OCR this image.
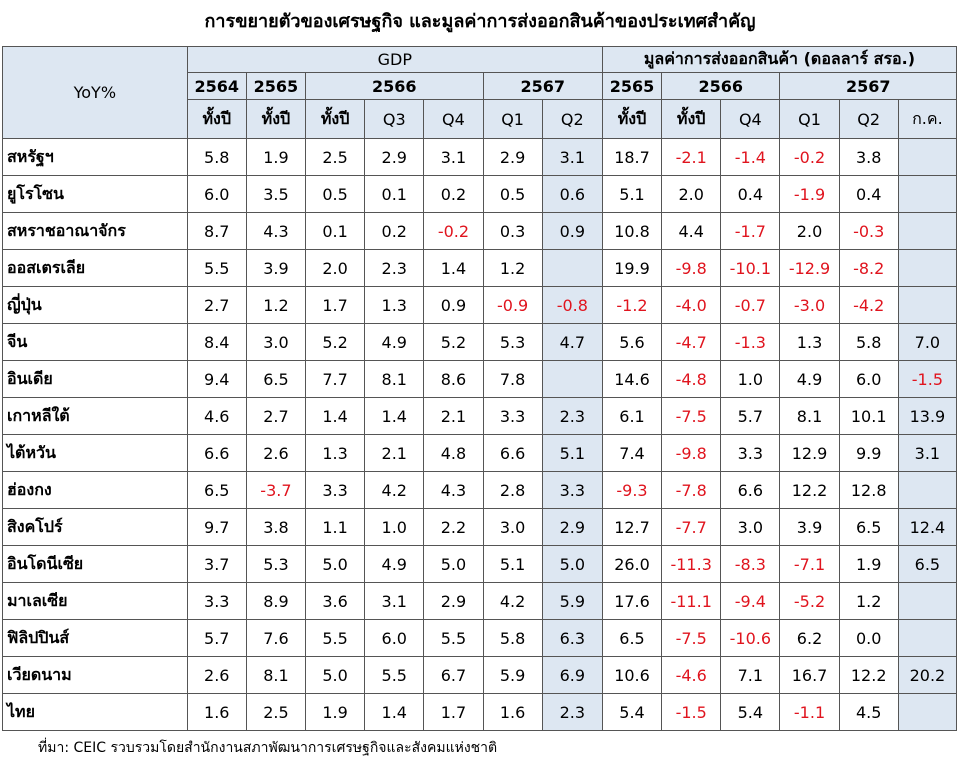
การขยายตัวของเศรษฐกิจ และมูลค่าการส่งออกสินค้าของประเทศสำคัญ
YoY%	GDP							มูลค่าการส่งออกสินค้า (ดอลลาร์ สรอ.)					
	2564	2565	2566			2567		2565	2566		2567		
	ทั้งปี	ทั้งปี	ทั้งปี	Q3	Q4	Q1	Q2	ทั้งปี	ทั้งปี	Q4	Q1	Q2	ก.ค.
สหรัฐฯ	5.8	1.9	2.5	2.9	3.1	2.9	3.1	18.7	-2.1	-1.4	-0.2	3.8	
ยูโรโซน	6.0	3.5	0.5	0.1	0.2	0.5	0.6	5.1	2.0	0.4	-1.9	0.4	
สหราชอาณาจักร	8.7	4.3	0.1	0.2	-0.2	0.3	0.9	10.8	4.4	-1.7	2.0	-0.3	
ออสเตรเลีย	5.5	3.9	2.0	2.3	1.4	1.2		19.9	-9.8	-10.1	-12.9	-8.2	
ญี่ปุ่น	2.7	1.2	1.7	1.3	0.9	-0.9	-0.8	-1.2	-4.0	-0.7	-3.0	-4.2	
จีน	8.4	3.0	5.2	4.9	5.2	5.3	4.7	5.6	-4.7	-1.3	1.3	5.8	7.0
อินเดีย	9.4	6.5	7.7	8.1	8.6	7.8		14.6	-4.8	1.0	4.9	6.0	-1.5
เกาหลีใต้	4.6	2.7	1.4	1.4	2.1	3.3	2.3	6.1	-7.5	5.7	8.1	10.1	13.9
ไต้หวัน	6.6	2.6	1.3	2.1	4.8	6.6	5.1	7.4	-9.8	3.3	12.9	9.9	3.1
ฮ่องกง	6.5	-3.7	3.3	4.2	4.3	2.8	3.3	-9.3	-7.8	6.6	12.2	12.8	
สิงคโปร์	9.7	3.8	1.1	1.0	2.2	3.0	2.9	12.7	-7.7	3.0	3.9	6.5	12.4
อินโดนีเซีย	3.7	5.3	5.0	4.9	5.0	5.1	5.0	26.0	-11.3	-8.3	-7.1	1.9	6.5
มาเลเซีย	3.3	8.9	3.6	3.1	2.9	4.2	5.9	17.6	-11.1	-9.4	-5.2	1.2	
ฟิลิปปินส์	5.7	7.6	5.5	6.0	5.5	5.8	6.3	6.5	-7.5	-10.6	6.2	0.0	
เวียดนาม	2.6	8.1	5.0	5.5	6.7	5.9	6.9	10.6	-4.6	7.1	16.7	12.2	20.2
ไทย	1.6	2.5	1.9	1.4	1.7	1.6	2.3	5.4	-1.5	5.4	-1.1	4.5	
ที่มา: CEIC รวบรวมโดยสำนักงานสภาพัฒนาการเศรษฐกิจและสังคมแห่งชาติ
